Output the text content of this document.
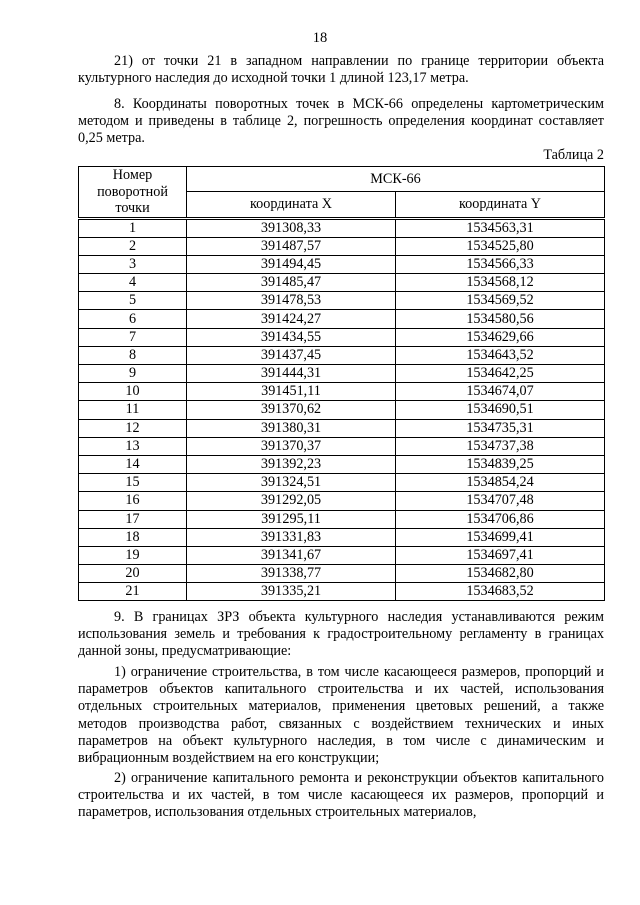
18

21) от точки 21 в западном направлении по границе территории объекта культурного наследия до исходной точки 1 длиной 123,17 метра.

8. Координаты поворотных точек в МСК-66 определены картометрическим методом и приведены в таблице 2, погрешность определения координат составляет 0,25 метра.

Таблица 2
Номер поворотной точки	МСК-66	
	координата X	координата Y
1	391308,33	1534563,31
2	391487,57	1534525,80
3	391494,45	1534566,33
4	391485,47	1534568,12
5	391478,53	1534569,52
6	391424,27	1534580,56
7	391434,55	1534629,66
8	391437,45	1534643,52
9	391444,31	1534642,25
10	391451,11	1534674,07
11	391370,62	1534690,51
12	391380,31	1534735,31
13	391370,37	1534737,38
14	391392,23	1534839,25
15	391324,51	1534854,24
16	391292,05	1534707,48
17	391295,11	1534706,86
18	391331,83	1534699,41
19	391341,67	1534697,41
20	391338,77	1534682,80
21	391335,21	1534683,52

9. В границах ЗРЗ объекта культурного наследия устанавливаются режим использования земель и требования к градостроительному регламенту в границах данной зоны, предусматривающие:

1) ограничение строительства, в том числе касающееся размеров, пропорций и параметров объектов капитального строительства и их частей, использования отдельных строительных материалов, применения цветовых решений, а также методов производства работ, связанных с воздействием технических и иных параметров на объект культурного наследия, в том числе с динамическим и вибрационным воздействием на его конструкции;

2) ограничение капитального ремонта и реконструкции объектов капитального строительства и их частей, в том числе касающееся их размеров, пропорций и параметров, использования отдельных строительных материалов,
